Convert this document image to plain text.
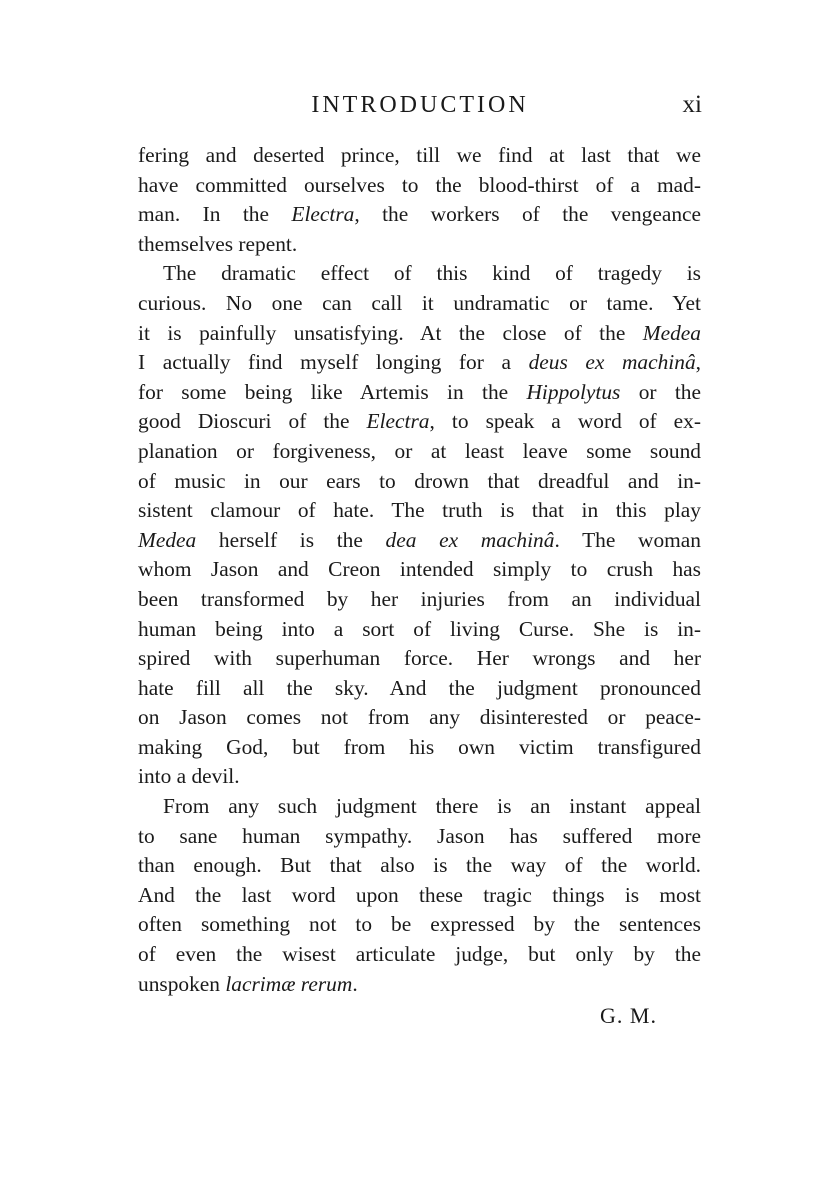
INTRODUCTION	xi
fering and deserted prince, till we find at last that we
have committed ourselves to the blood-thirst of a mad-
man. In the Electra, the workers of the vengeance
themselves repent.
The dramatic effect of this kind of tragedy is
curious. No one can call it undramatic or tame. Yet
it is painfully unsatisfying. At the close of the Medea
I actually find myself longing for a deus ex machinâ,
for some being like Artemis in the Hippolytus or the
good Dioscuri of the Electra, to speak a word of ex-
planation or forgiveness, or at least leave some sound
of music in our ears to drown that dreadful and in-
sistent clamour of hate. The truth is that in this play
Medea herself is the dea ex machinâ. The woman
whom Jason and Creon intended simply to crush has
been transformed by her injuries from an individual
human being into a sort of living Curse. She is in-
spired with superhuman force. Her wrongs and her
hate fill all the sky. And the judgment pronounced
on Jason comes not from any disinterested or peace-
making God, but from his own victim transfigured
into a devil.
From any such judgment there is an instant appeal
to sane human sympathy. Jason has suffered more
than enough. But that also is the way of the world.
And the last word upon these tragic things is most
often something not to be expressed by the sentences
of even the wisest articulate judge, but only by the
unspoken lacrimæ rerum.
G. M.
